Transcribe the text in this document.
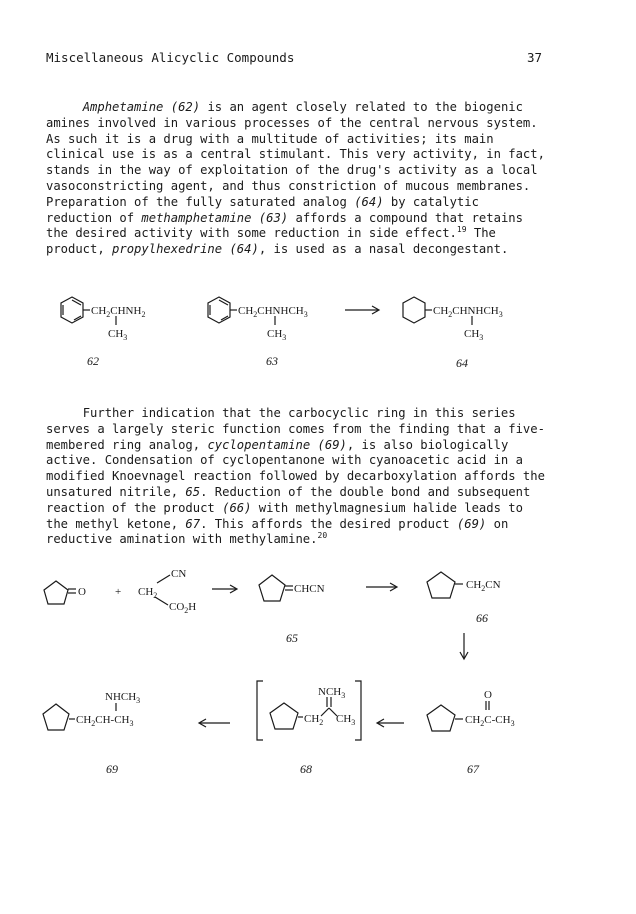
Miscellaneous Alicyclic Compounds	37

Amphetamine (62) is an agent closely related to the biogenic amines involved in various processes of the central nervous system. As such it is a drug with a multitude of activities; its main clinical use is as a central stimulant. This very activity, in fact, stands in the way of exploitation of the drug's activity as a local vasoconstricting agent, and thus constriction of mucous membranes. Preparation of the fully saturated analog (64) by catalytic reduction of methamphetamine (63) affords a compound that retains the desired activity with some reduction in side effect.$^{19}$ The product, propylhexedrine (64), is used as a nasal decongestant.

Further indication that the carbocyclic ring in this series serves a largely steric function comes from the finding that a five-membered ring analog, cyclopentamine (69), is also biologically active. Condensation of cyclopentanone with cyanoacetic acid in a modified Knoevnagel reaction followed by decarboxylation affords the unsatured nitrile, 65. Reduction of the double bond and subsequent reaction of the product (66) with methylmagnesium halide leads to the methyl ketone, 67. This affords the desired product (69) on reductive amination with methylamine.$^{20}$

$CH_2CHNH_2$
$CH_3$
62
$CH_2CHNHCH_3$
$CH_3$
63
$CH_2CHNHCH_3$
$CH_3$
64
O	+
CN
$CH_2$
$CO_2H$
CHCN
65
$CH_2CN$
66
$NHCH_3$
$CH_2CH-CH_3$
69
$NCH_3$
$CH_2$ $CH_3$
68
O
$CH_2C-CH_3$
67
